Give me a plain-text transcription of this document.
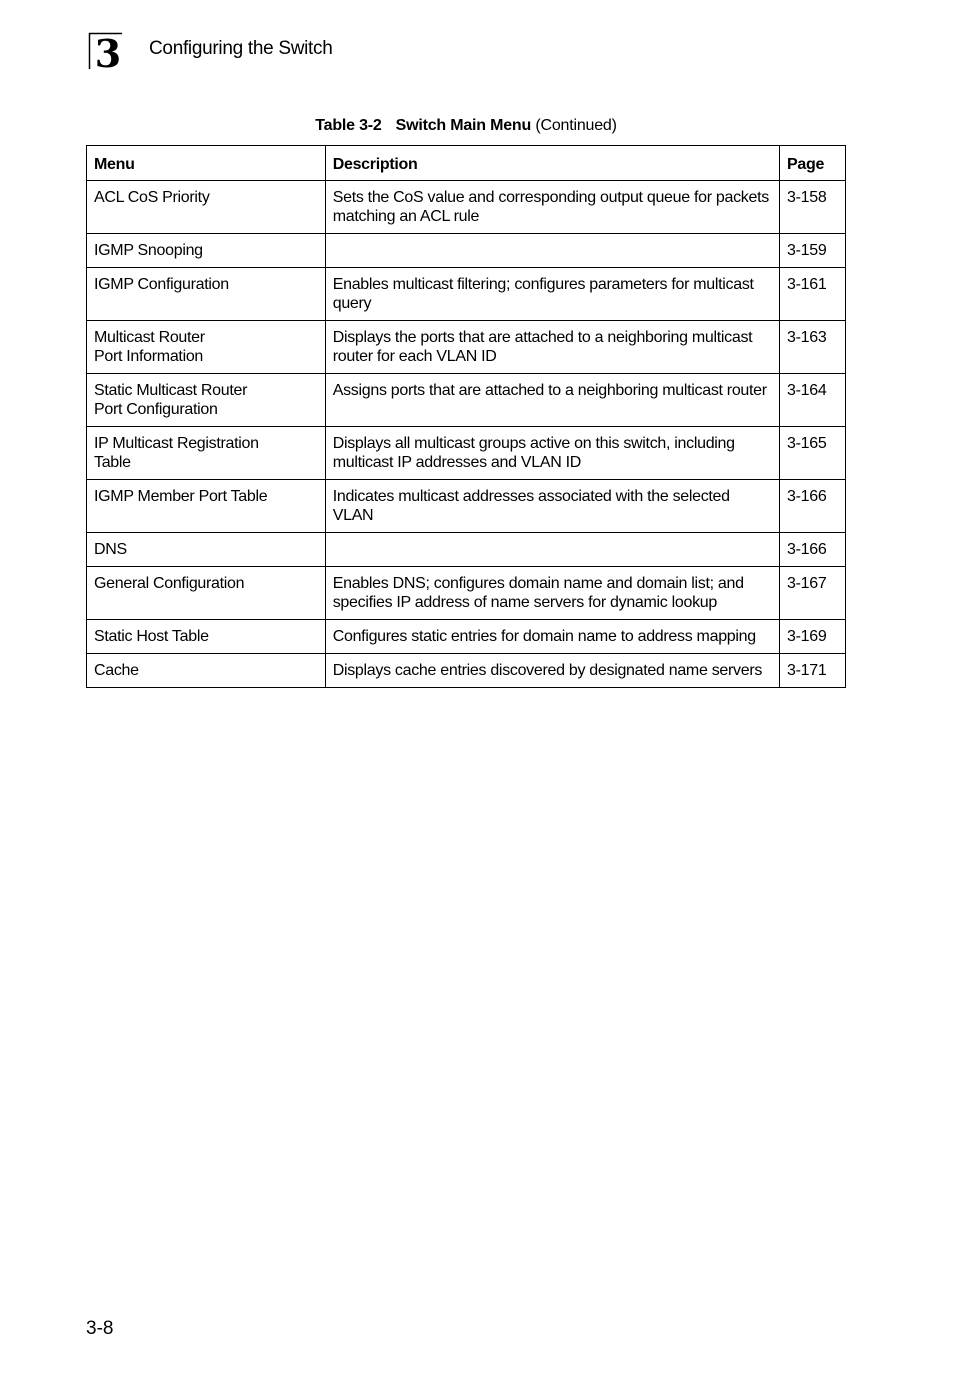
3 Configuring the Switch
Table 3-2 Switch Main Menu (Continued)
Menu	Description	Page

ACL CoS Priority	Sets the CoS value and corresponding output queue for packets matching an ACL rule	3-158

IGMP Snooping		3-159

IGMP Configuration	Enables multicast filtering; configures parameters for multicast query	3-161

Multicast Router
Port Information	Displays the ports that are attached to a neighboring multicast router for each VLAN ID	3-163

Static Multicast Router
Port Configuration	Assigns ports that are attached to a neighboring multicast router	3-164

IP Multicast Registration
Table	Displays all multicast groups active on this switch, including multicast IP addresses and VLAN ID	3-165

IGMP Member Port Table	Indicates multicast addresses associated with the selected VLAN	3-166

DNS		3-166

General Configuration	Enables DNS; configures domain name and domain list; and specifies IP address of name servers for dynamic lookup	3-167

Static Host Table	Configures static entries for domain name to address mapping	3-169

Cache	Displays cache entries discovered by designated name servers	3-171
3-8
